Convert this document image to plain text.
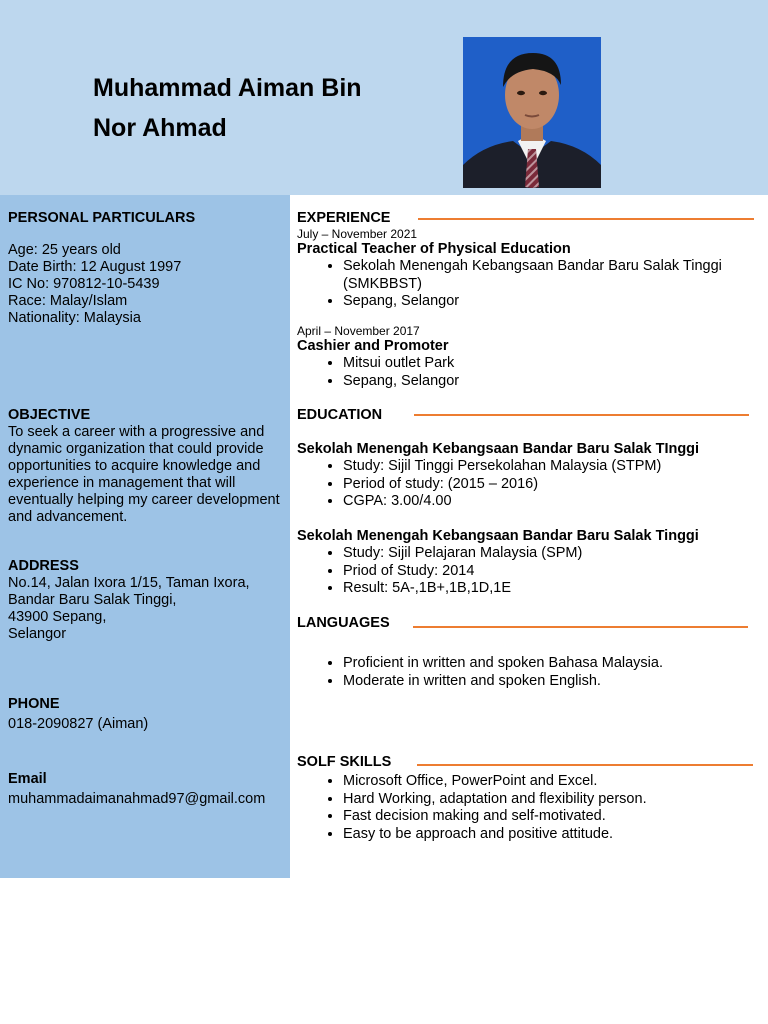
Muhammad Aiman Bin
Nor Ahmad
PERSONAL PARTICULARS
Age: 25 years old
Date Birth: 12 August 1997
IC No: 970812-10-5439
Race: Malay/Islam
Nationality: Malaysia
OBJECTIVE
To seek a career with a progressive and dynamic organization that could provide opportunities to acquire knowledge and experience in management that will eventually helping my career development and advancement.
ADDRESS
No.14, Jalan Ixora 1/15, Taman Ixora,
Bandar Baru Salak Tinggi,
43900 Sepang,
Selangor
PHONE
018-2090827 (Aiman)
Email
muhammadaimanahmad97@gmail.com
EXPERIENCE
July – November 2021
Practical Teacher of Physical Education
• Sekolah Menengah Kebangsaan Bandar Baru Salak Tinggi (SMKBBST)
• Sepang, Selangor
April – November 2017
Cashier and Promoter
• Mitsui outlet Park
• Sepang, Selangor
EDUCATION
Sekolah Menengah Kebangsaan Bandar Baru Salak TInggi
• Study: Sijil Tinggi Persekolahan Malaysia (STPM)
• Period of study: (2015 – 2016)
• CGPA: 3.00/4.00
Sekolah Menengah Kebangsaan Bandar Baru Salak Tinggi
• Study: Sijil Pelajaran Malaysia (SPM)
• Priod of Study: 2014
• Result: 5A-,1B+,1B,1D,1E
LANGUAGES
• Proficient in written and spoken Bahasa Malaysia.
• Moderate in written and spoken English.
SOLF SKILLS
• Microsoft Office, PowerPoint and Excel.
• Hard Working, adaptation and flexibility person.
• Fast decision making and self-motivated.
• Easy to be approach and positive attitude.
